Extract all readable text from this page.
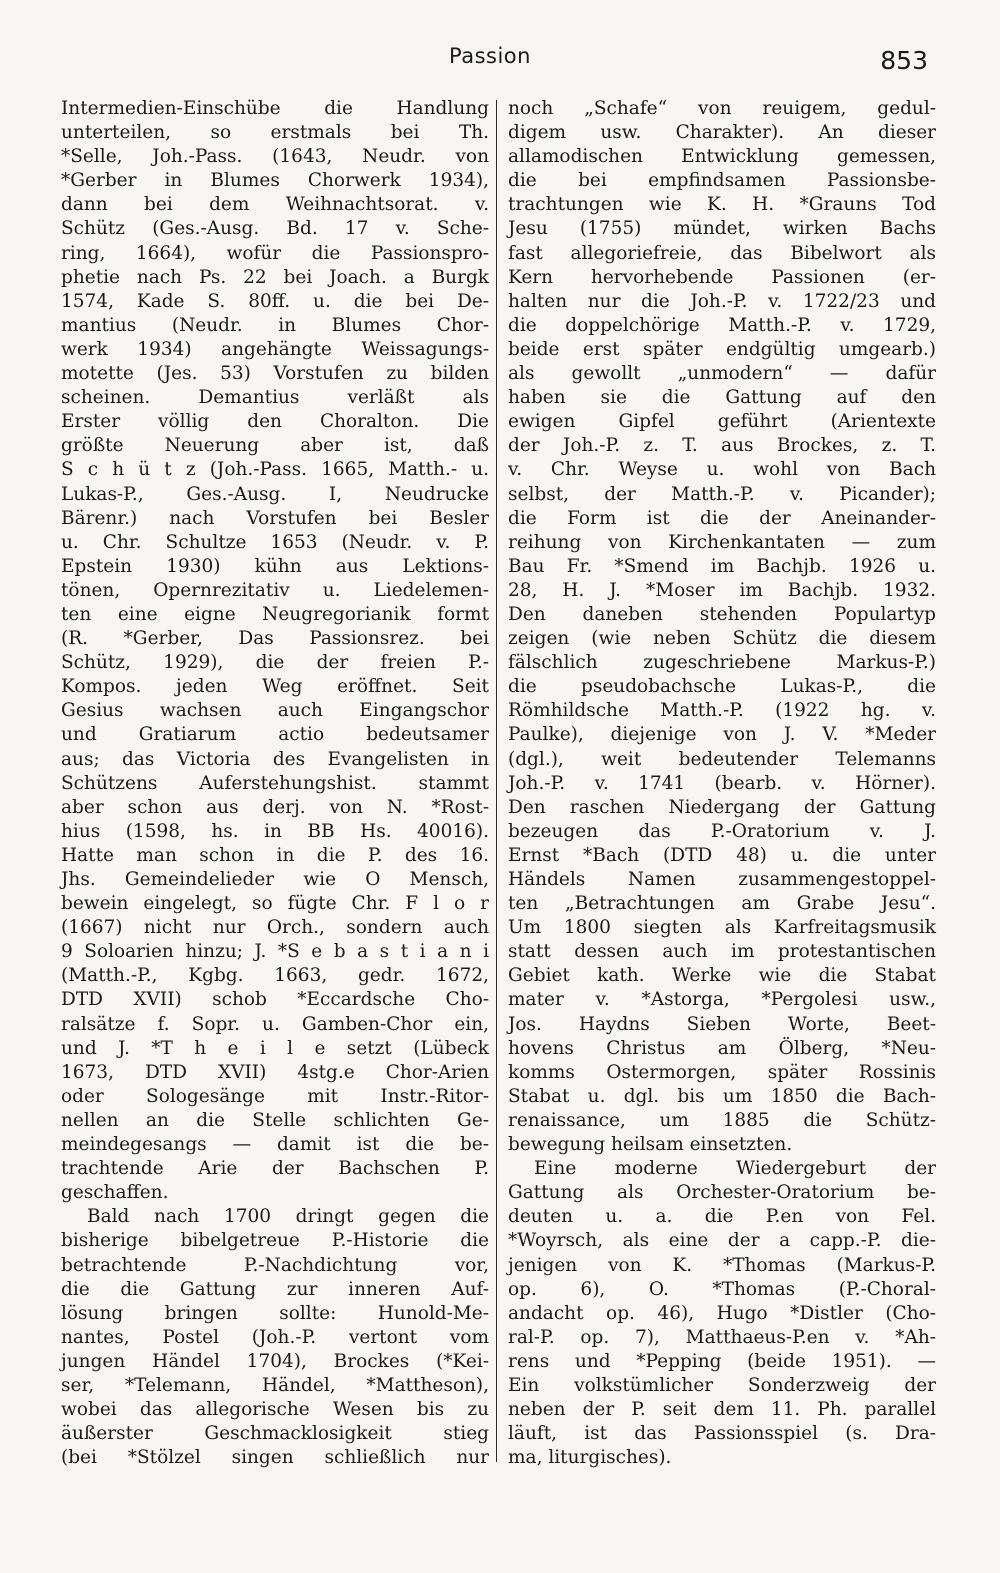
Passion	853
Intermedien-Einschübe die Handlung
unterteilen, so erstmals bei Th.
*Selle, Joh.-Pass. (1643, Neudr. von
*Gerber in Blumes Chorwerk 1934),
dann bei dem Weihnachtsorat. v.
Schütz (Ges.-Ausg. Bd. 17 v. Sche-
ring, 1664), wofür die Passionspro-
phetie nach Ps. 22 bei Joach. a Burgk
1574, Kade S. 80ff. u. die bei De-
mantius (Neudr. in Blumes Chor-
werk 1934) angehängte Weissagungs-
motette (Jes. 53) Vorstufen zu bilden
scheinen. Demantius verläßt als
Erster völlig den Choralton. Die
größte Neuerung aber ist, daß
S c h ü t z (Joh.-Pass. 1665, Matth.- u.
Lukas-P., Ges.-Ausg. I, Neudrucke
Bärenr.) nach Vorstufen bei Besler
u. Chr. Schultze 1653 (Neudr. v. P.
Epstein 1930) kühn aus Lektions-
tönen, Opernrezitativ u. Liedelemen-
ten eine eigne Neugregorianik formt
(R. *Gerber, Das Passionsrez. bei
Schütz, 1929), die der freien P.-
Kompos. jeden Weg eröffnet. Seit
Gesius wachsen auch Eingangschor
und Gratiarum actio bedeutsamer
aus; das Victoria des Evangelisten in
Schützens Auferstehungshist. stammt
aber schon aus derj. von N. *Rost-
hius (1598, hs. in BB Hs. 40016).
Hatte man schon in die P. des 16.
Jhs. Gemeindelieder wie O Mensch,
bewein eingelegt, so fügte Chr. F l o r
(1667) nicht nur Orch., sondern auch
9 Soloarien hinzu; J. *S e b a s t i a n i
(Matth.-P., Kgbg. 1663, gedr. 1672,
DTD XVII) schob *Eccardsche Cho-
ralsätze f. Sopr. u. Gamben-Chor ein,
und J. *T h e i l e setzt (Lübeck
1673, DTD XVII) 4stg.e Chor-Arien
oder Sologesänge mit Instr.-Ritor-
nellen an die Stelle schlichten Ge-
meindegesangs — damit ist die be-
trachtende Arie der Bachschen P.
geschaffen.
Bald nach 1700 dringt gegen die
bisherige bibelgetreue P.-Historie die
betrachtende P.-Nachdichtung vor,
die die Gattung zur inneren Auf-
lösung bringen sollte: Hunold-Me-
nantes, Postel (Joh.-P. vertont vom
jungen Händel 1704), Brockes (*Kei-
ser, *Telemann, Händel, *Mattheson),
wobei das allegorische Wesen bis zu
äußerster Geschmacklosigkeit stieg
(bei *Stölzel singen schließlich nur
noch „Schafe“ von reuigem, gedul-
digem usw. Charakter). An dieser
allamodischen Entwicklung gemessen,
die bei empfindsamen Passionsbe-
trachtungen wie K. H. *Grauns Tod
Jesu (1755) mündet, wirken Bachs
fast allegoriefreie, das Bibelwort als
Kern hervorhebende Passionen (er-
halten nur die Joh.-P. v. 1722/23 und
die doppelchörige Matth.-P. v. 1729,
beide erst später endgültig umgearb.)
als gewollt „unmodern“ — dafür
haben sie die Gattung auf den
ewigen Gipfel geführt (Arientexte
der Joh.-P. z. T. aus Brockes, z. T.
v. Chr. Weyse u. wohl von Bach
selbst, der Matth.-P. v. Picander);
die Form ist die der Aneinander-
reihung von Kirchenkantaten — zum
Bau Fr. *Smend im Bachjb. 1926 u.
28, H. J. *Moser im Bachjb. 1932.
Den daneben stehenden Populartyp
zeigen (wie neben Schütz die diesem
fälschlich zugeschriebene Markus-P.)
die pseudobachsche Lukas-P., die
Römhildsche Matth.-P. (1922 hg. v.
Paulke), diejenige von J. V. *Meder
(dgl.), weit bedeutender Telemanns
Joh.-P. v. 1741 (bearb. v. Hörner).
Den raschen Niedergang der Gattung
bezeugen das P.-Oratorium v. J.
Ernst *Bach (DTD 48) u. die unter
Händels Namen zusammengestoppel-
ten „Betrachtungen am Grabe Jesu“.
Um 1800 siegten als Karfreitagsmusik
statt dessen auch im protestantischen
Gebiet kath. Werke wie die Stabat
mater v. *Astorga, *Pergolesi usw.,
Jos. Haydns Sieben Worte, Beet-
hovens Christus am Ölberg, *Neu-
komms Ostermorgen, später Rossinis
Stabat u. dgl. bis um 1850 die Bach-
renaissance, um 1885 die Schütz-
bewegung heilsam einsetzten.
Eine moderne Wiedergeburt der
Gattung als Orchester-Oratorium be-
deuten u. a. die P.en von Fel.
*Woyrsch, als eine der a capp.-P. die-
jenigen von K. *Thomas (Markus-P.
op. 6), O. *Thomas (P.-Choral-
andacht op. 46), Hugo *Distler (Cho-
ral-P. op. 7), Matthaeus-P.en v. *Ah-
rens und *Pepping (beide 1951). —
Ein volkstümlicher Sonderzweig der
neben der P. seit dem 11. Ph. parallel
läuft, ist das Passionsspiel (s. Dra-
ma, liturgisches).
